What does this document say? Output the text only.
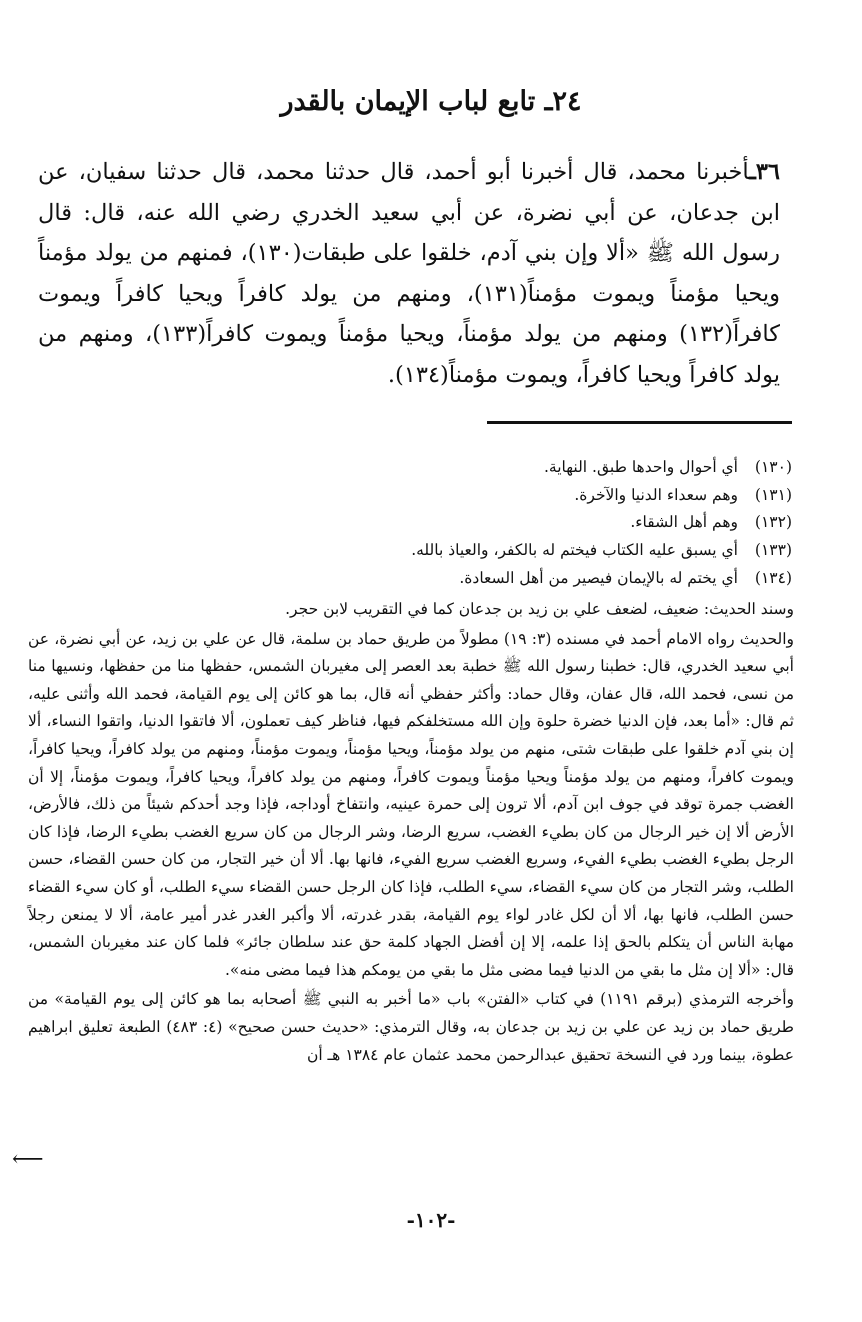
٢٤ـ تابع لباب الإيمان بالقدر
٣٦ـأخبرنا محمد، قال أخبرنا أبو أحمد، قال حدثنا محمد، قال حدثنا سفيان، عن ابن جدعان، عن أبي نضرة، عن أبي سعيد الخدري رضي الله عنه، قال: قال رسول الله ﷺ «ألا وإن بني آدم، خلقوا على طبقات(١٣٠)، فمنهم من يولد مؤمناً ويحيا مؤمناً ويموت مؤمناً(١٣١)، ومنهم من يولد كافراً ويحيا كافراً ويموت كافراً(١٣٢) ومنهم من يولد مؤمناً، ويحيا مؤمناً ويموت كافراً(١٣٣)، ومنهم من يولد كافراً ويحيا كافراً، ويموت مؤمناً(١٣٤).
(١٣٠)أي أحوال واحدها طبق. النهاية.
(١٣١)وهم سعداء الدنيا والآخرة.
(١٣٢)وهم أهل الشقاء.
(١٣٣)أي يسبق عليه الكتاب فيختم له بالكفر، والعياذ بالله.
(١٣٤)أي يختم له بالإيمان فيصير من أهل السعادة.

وسند الحديث: ضعيف، لضعف علي بن زيد بن جدعان كما في التقريب لابن حجر.

والحديث رواه الامام أحمد في مسنده (٣: ١٩) مطولاً من طريق حماد بن سلمة، قال عن علي بن زيد، عن أبي نضرة، عن أبي سعيد الخدري، قال: خطبنا رسول الله ﷺ خطبة بعد العصر إلى مغيربان الشمس، حفظها منا من حفظها، ونسيها منا من نسى، فحمد الله، قال عفان، وقال حماد: وأكثر حفظي أنه قال، بما هو كائن إلى يوم القيامة، فحمد الله وأثنى عليه، ثم قال: «أما بعد، فإن الدنيا خضرة حلوة وإن الله مستخلفكم فيها، فناظر كيف تعملون، ألا فاتقوا الدنيا، واتقوا النساء، ألا إن بني آدم خلقوا على طبقات شتى، منهم من يولد مؤمناً، ويحيا مؤمناً، ويموت مؤمناً، ومنهم من يولد كافراً، ويحيا كافراً، ويموت كافراً، ومنهم من يولد مؤمناً ويحيا مؤمناً ويموت كافراً، ومنهم من يولد كافراً، ويحيا كافراً، ويموت مؤمناً، إلا أن الغضب جمرة توقد في جوف ابن آدم، ألا ترون إلى حمرة عينيه، وانتفاخ أوداجه، فإذا وجد أحدكم شيئاً من ذلك، فالأرض، الأرض ألا إن خير الرجال من كان بطيء الغضب، سريع الرضا، وشر الرجال من كان سريع الغضب بطيء الرضا، فإذا كان الرجل بطيء الغضب بطيء الفيء، وسريع الغضب سريع الفيء، فانها بها. ألا أن خير التجار، من كان حسن القضاء، حسن الطلب، وشر التجار من كان سيء القضاء، سيء الطلب، فإذا كان الرجل حسن القضاء سيء الطلب، أو كان سيء القضاء حسن الطلب، فانها بها، ألا أن لكل غادر لواء يوم القيامة، بقدر غدرته، ألا وأكبر الغدر غدر أمير عامة، ألا لا يمنعن رجلاً مهابة الناس أن يتكلم بالحق إذا علمه، إلا إن أفضل الجهاد كلمة حق عند سلطان جائر» فلما كان عند مغيربان الشمس، قال: «ألا إن مثل ما بقي من الدنيا فيما مضى مثل ما بقي من يومكم هذا فيما مضى منه».

وأخرجه الترمذي (برقم ١١٩١) في كتاب «الفتن» باب «ما أخبر به النبي ﷺ أصحابه بما هو كائن إلى يوم القيامة» من طريق حماد بن زيد عن علي بن زيد بن جدعان به، وقال الترمذي: «حديث حسن صحيح» (٤: ٤٨٣) الطبعة تعليق ابراهيم عطوة، بينما ورد في النسخة تحقيق عبدالرحمن محمد عثمان عام ١٣٨٤ هـ أن

⟵
-١٠٢-
